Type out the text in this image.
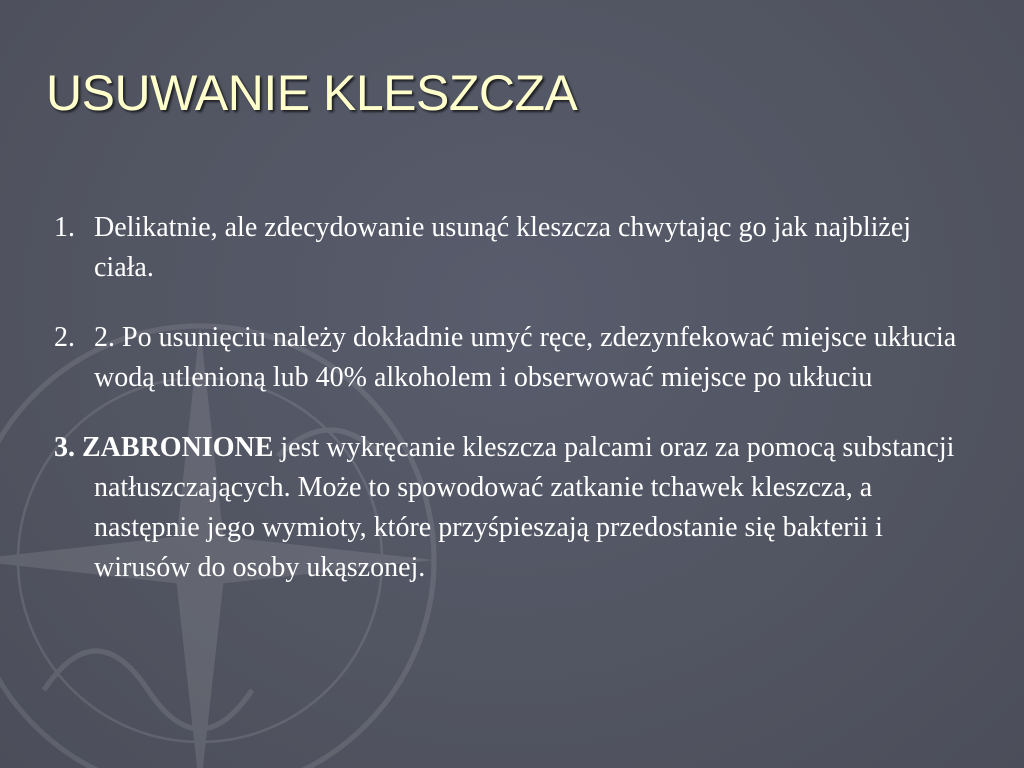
USUWANIE KLESZCZA
1. Delikatnie, ale zdecydowanie usunąć kleszcza chwytając go jak najbliżej ciała.
2. 2. Po usunięciu należy dokładnie umyć ręce, zdezynfekować miejsce ukłucia wodą utlenioną lub 40% alkoholem i obserwować miejsce po ukłuciu
3. ZABRONIONE jest wykręcanie kleszcza palcami oraz za pomocą substancji natłuszczających. Może to spowodować zatkanie tchawek kleszcza, a następnie jego wymioty, które przyśpieszają przedostanie się bakterii i wirusów do osoby ukąszonej.
